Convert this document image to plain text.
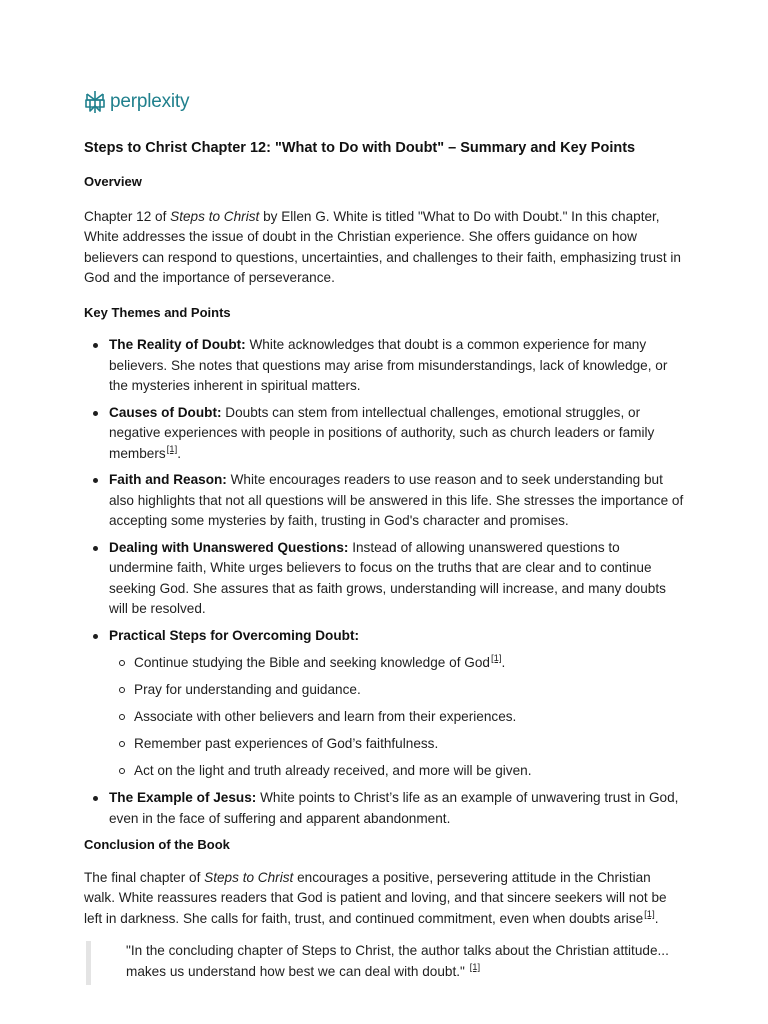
perplexity
Steps to Christ Chapter 12: "What to Do with Doubt" – Summary and Key Points
Overview

Chapter 12 of Steps to Christ by Ellen G. White is titled "What to Do with Doubt." In this chapter, White addresses the issue of doubt in the Christian experience. She offers guidance on how believers can respond to questions, uncertainties, and challenges to their faith, emphasizing trust in God and the importance of perseverance.

Key Themes and Points
The Reality of Doubt: White acknowledges that doubt is a common experience for many believers. She notes that questions may arise from misunderstandings, lack of knowledge, or the mysteries inherent in spiritual matters.
Causes of Doubt: Doubts can stem from intellectual challenges, emotional struggles, or negative experiences with people in positions of authority, such as church leaders or family members[1].
Faith and Reason: White encourages readers to use reason and to seek understanding but also highlights that not all questions will be answered in this life. She stresses the importance of accepting some mysteries by faith, trusting in God's character and promises.
Dealing with Unanswered Questions: Instead of allowing unanswered questions to undermine faith, White urges believers to focus on the truths that are clear and to continue seeking God. She assures that as faith grows, understanding will increase, and many doubts will be resolved.
Practical Steps for Overcoming Doubt:
Continue studying the Bible and seeking knowledge of God[1].
Pray for understanding and guidance.
Associate with other believers and learn from their experiences.
Remember past experiences of God’s faithfulness.
Act on the light and truth already received, and more will be given.
The Example of Jesus: White points to Christ’s life as an example of unwavering trust in God, even in the face of suffering and apparent abandonment.
Conclusion of the Book

The final chapter of Steps to Christ encourages a positive, persevering attitude in the Christian walk. White reassures readers that God is patient and loving, and that sincere seekers will not be left in darkness. She calls for faith, trust, and continued commitment, even when doubts arise[1].

"In the concluding chapter of Steps to Christ, the author talks about the Christian attitude... makes us understand how best we can deal with doubt." [1]
